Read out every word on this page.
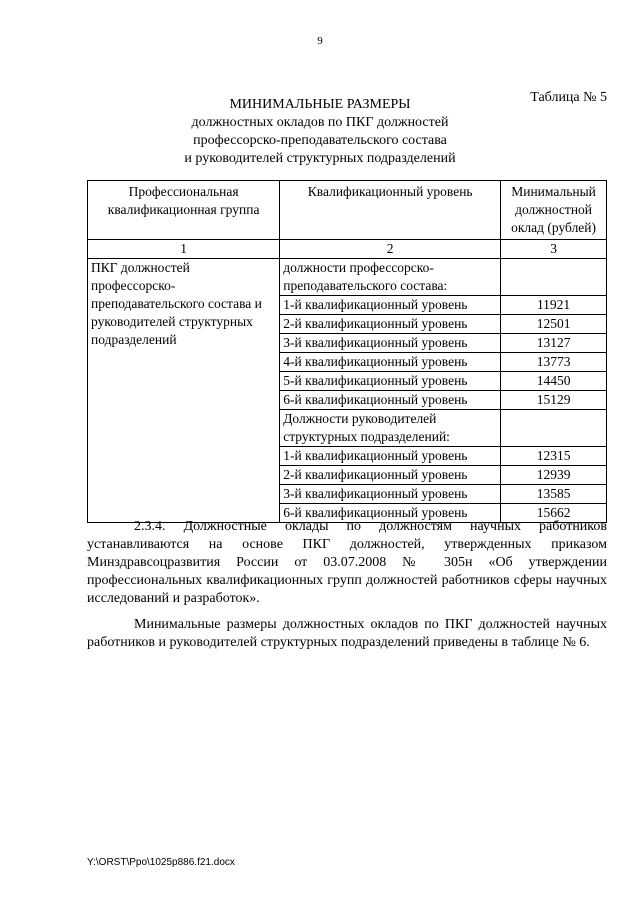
9
Таблица № 5
МИНИМАЛЬНЫЕ РАЗМЕРЫ
должностных окладов по ПКГ должностей
профессорско-преподавательского состава
и руководителей структурных подразделений
Профессиональная квалификационная группа	Квалификационный уровень	Минимальный должностной оклад (рублей)
1	2	3
ПКГ должностей профессорско-преподавательского состава и руководителей структурных подразделений	должности профессорско-преподавательского состава:	
	1-й квалификационный уровень	11921
	2-й квалификационный уровень	12501
	3-й квалификационный уровень	13127
	4-й квалификационный уровень	13773
	5-й квалификационный уровень	14450
	6-й квалификационный уровень	15129
	Должности руководителей структурных подразделений:	
	1-й квалификационный уровень	12315
	2-й квалификационный уровень	12939
	3-й квалификационный уровень	13585
	6-й квалификационный уровень	15662

2.3.4. Должностные оклады по должностям научных работников устанавливаются на основе ПКГ должностей, утвержденных приказом Минздравсоцразвития России от 03.07.2008 № 305н «Об утверждении профессиональных квалификационных групп должностей работников сферы научных исследований и разработок».

Минимальные размеры должностных окладов по ПКГ должностей научных работников и руководителей структурных подразделений приведены в таблице № 6.

Y:\ORST\Ppo\1025p886.f21.docx
